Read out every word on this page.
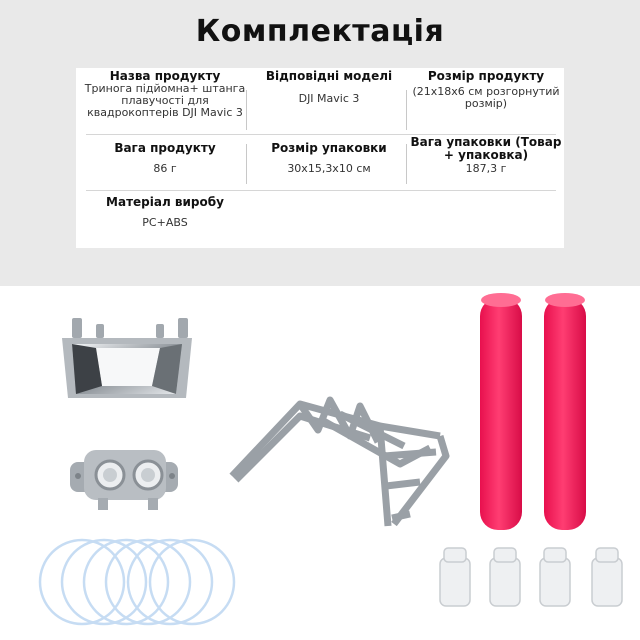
Комплектація
Назва продукту
Тринога підйомна+ штанга плавучості для квадрокоптерів DJI Mavic 3
Відповідні моделі
DJI Mavic 3
Розмір продукту
(21x18x6 см розгорнутий розмір)
Вага продукту
86 г
Розмір упаковки
30x15,3x10 см
Вага упаковки (Товар + упаковка)
187,3 г
Матеріал виробу
PC+ABS
